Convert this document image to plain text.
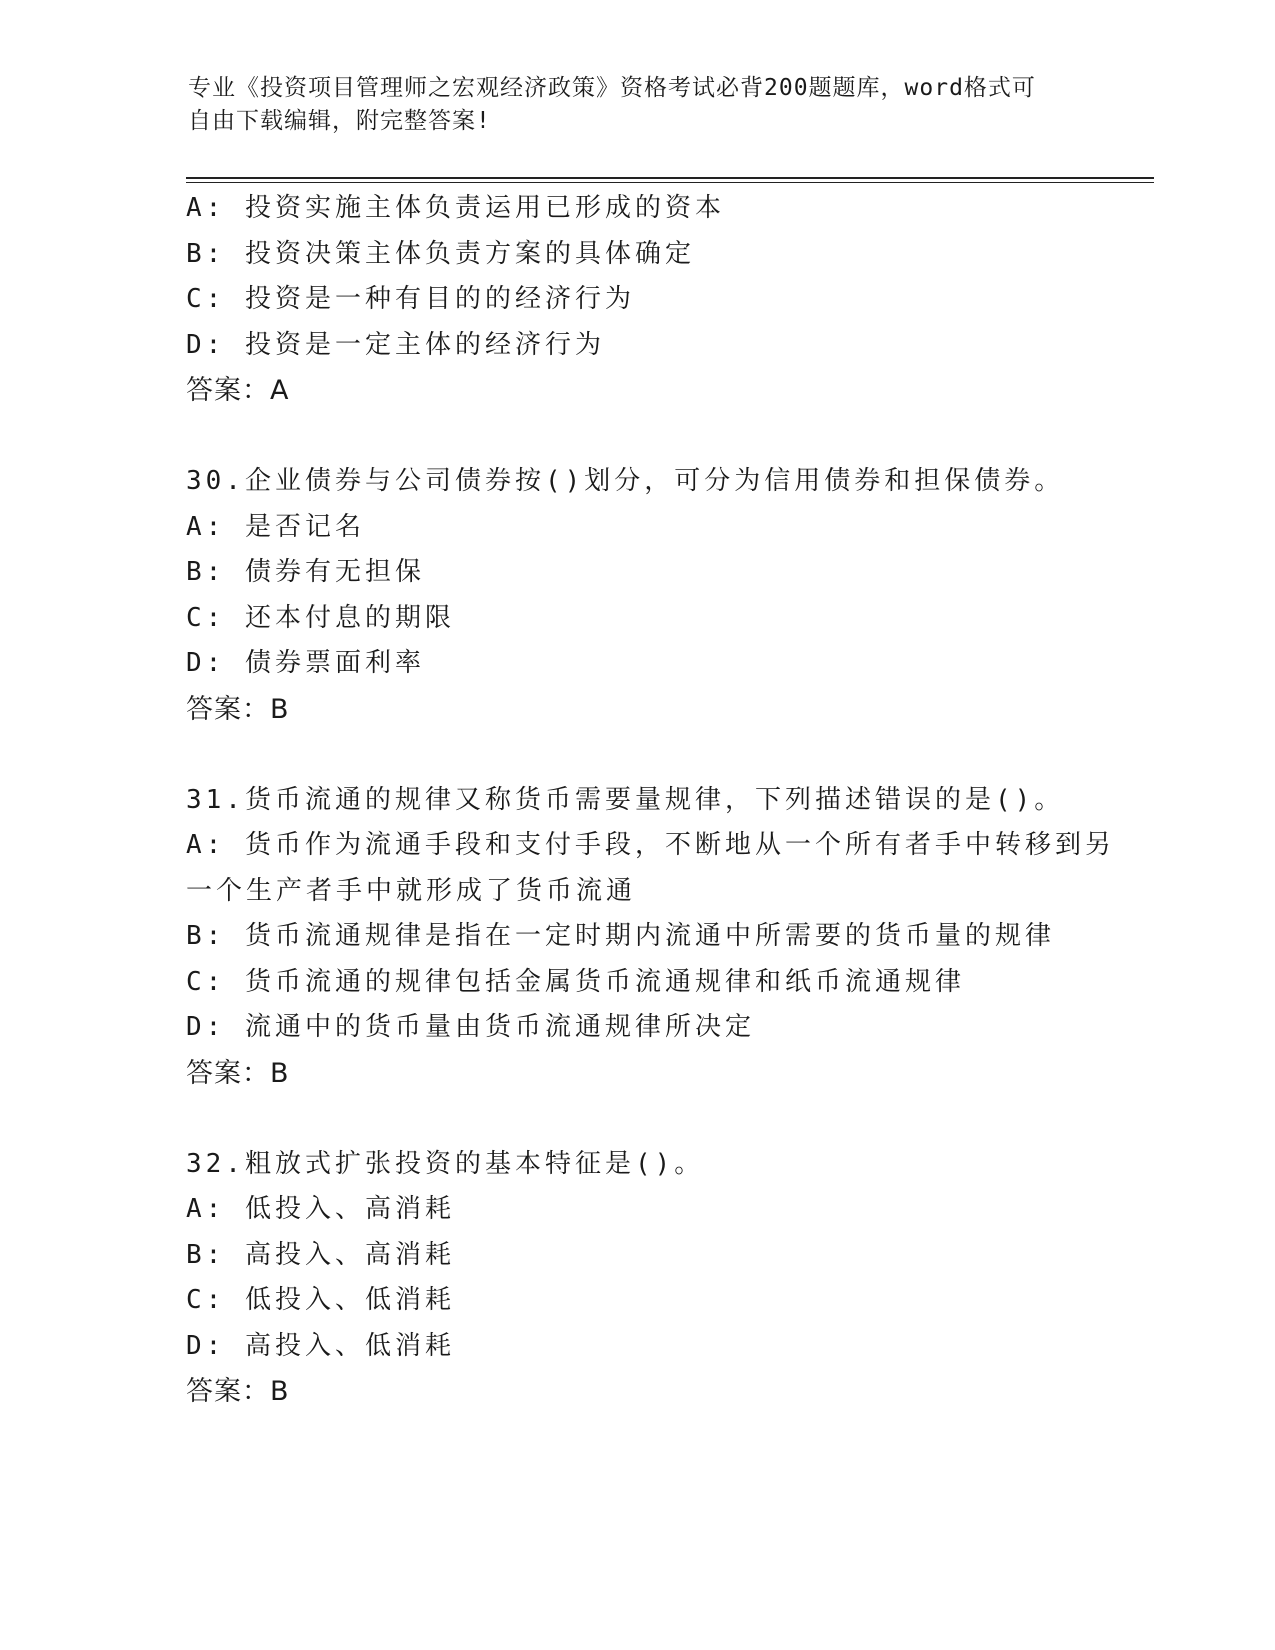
专业《投资项目管理师之宏观经济政策》资格考试必背200题题库，word格式可
自由下载编辑，附完整答案!
A: 投资实施主体负责运用已形成的资本
B: 投资决策主体负责方案的具体确定
C: 投资是一种有目的的经济行为
D: 投资是一定主体的经济行为
答案：A
30.企业债券与公司债券按()划分，可分为信用债券和担保债券。
A: 是否记名
B: 债券有无担保
C: 还本付息的期限
D: 债券票面利率
答案：B
31.货币流通的规律又称货币需要量规律，下列描述错误的是()。
A: 货币作为流通手段和支付手段，不断地从一个所有者手中转移到另
一个生产者手中就形成了货币流通
B: 货币流通规律是指在一定时期内流通中所需要的货币量的规律
C: 货币流通的规律包括金属货币流通规律和纸币流通规律
D: 流通中的货币量由货币流通规律所决定
答案：B
32.粗放式扩张投资的基本特征是()。
A: 低投入、高消耗
B: 高投入、高消耗
C: 低投入、低消耗
D: 高投入、低消耗
答案：B
